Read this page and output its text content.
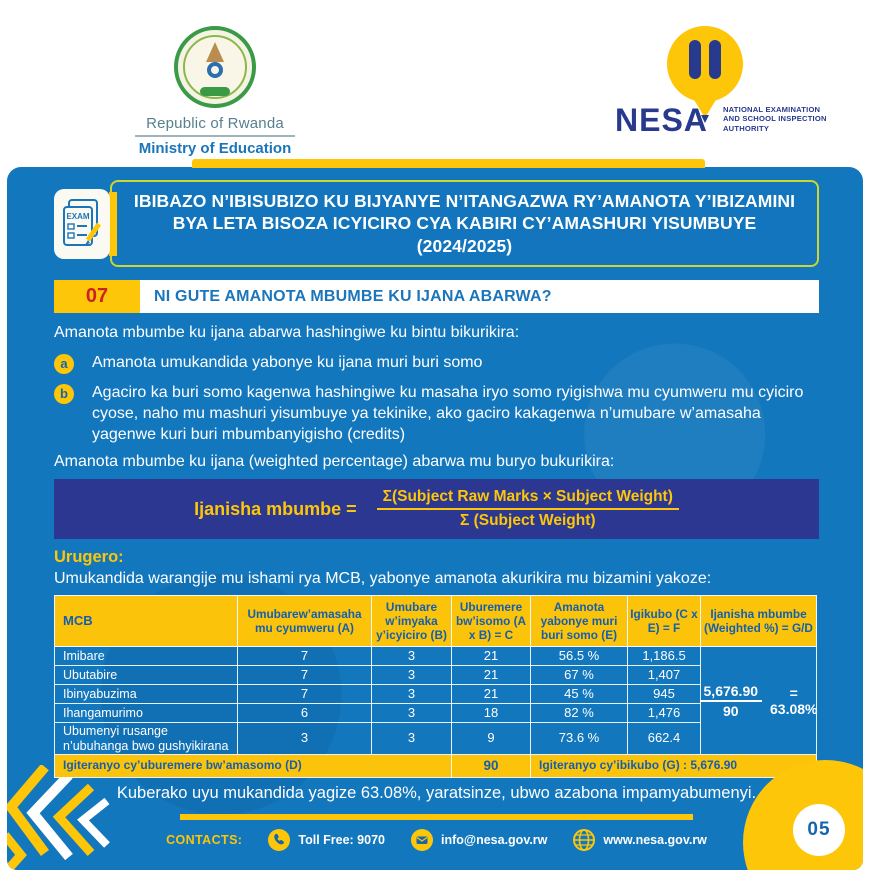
Republic of Rwanda
Ministry of Education
NESA NATIONAL EXAMINATION
AND SCHOOL INSPECTION
AUTHORITY
EXAM
IBIBAZO N’IBISUBIZO KU BIJYANYE N’ITANGAZWA RY’AMANOTA Y’IBIZAMINI BYA LETA BISOZA ICYICIRO CYA KABIRI CY’AMASHURI YISUMBUYE (2024/2025)
07	NI GUTE AMANOTA MBUMBE KU IJANA ABARWA?
Amanota mbumbe ku ijana abarwa hashingiwe ku bintu bikurikira:
a	Amanota umukandida yabonye ku ijana muri buri somo
b	Agaciro ka buri somo kagenwa hashingiwe ku masaha iryo somo ryigishwa mu cyumweru mu cyiciro cyose, naho mu mashuri yisumbuye ya tekinike, ako gaciro kakagenwa n’umubare w’amasaha yagenwe kuri buri mbumbanyigisho (credits)
Amanota mbumbe ku ijana (weighted percentage) abarwa mu buryo bukurikira:
Ijanisha mbumbe = $\frac{\text{Σ(Subject Raw Marks × Subject Weight)}}{\text{Σ (Subject Weight)}}$
Urugero:
Umukandida warangije mu ishami rya MCB, yabonye amanota akurikira mu bizamini yakoze:
MCB	Umubarew’amasaha mu cyumweru (A)	Umubare w’imyaka y’icyiciro (B)	Uburemere bw’isomo (A x B) = C	Amanota yabonye muri buri somo (E)	Igikubo (C x E) = F	Ijanisha mbumbe (Weighted %) = G/D
Imibare	7	3	21	56.5 %	1,186.5	$\frac{5,676.90}{90} = 63.08\%$

Ubutabire	7	3	21	67 %	1,407	
Ibinyabuzima	7	3	21	45 %	945	
Ihangamurimo	6	3	18	82 %	1,476	
Ubumenyi rusange n’ubuhanga bwo gushyikirana	3	3	9	73.6 %	662.4	
Igiteranyo cy’uburemere bw’amasomo (D)			90	Igiteranyo cy’ibikubo (G) : 5,676.90		
Kuberako uyu mukandida yagize 63.08%, yaratsinze, ubwo azabona impamyabumenyi.
CONTACTS:	Toll Free: 9070	info@nesa.gov.rw	www.nesa.gov.rw	05
